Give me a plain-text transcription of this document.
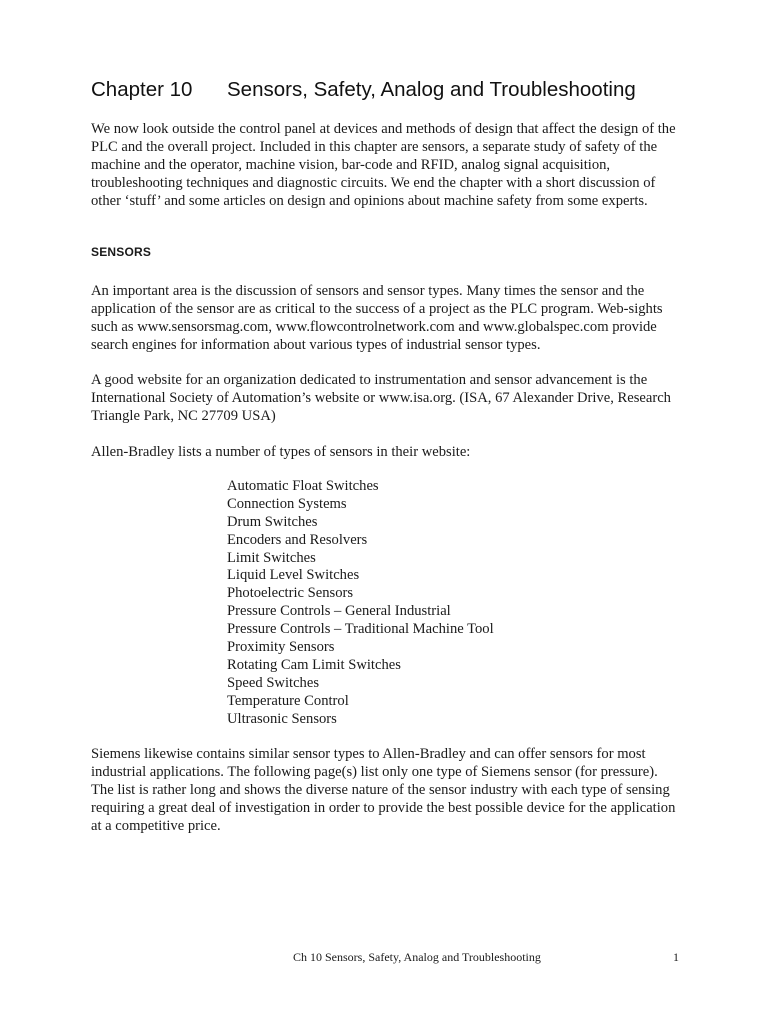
Chapter 10 Sensors, Safety, Analog and Troubleshooting

We now look outside the control panel at devices and methods of design that affect the design of the PLC and the overall project. Included in this chapter are sensors, a separate study of safety of the machine and the operator, machine vision, bar-code and RFID, analog signal acquisition, troubleshooting techniques and diagnostic circuits. We end the chapter with a short discussion of other ‘stuff’ and some articles on design and opinions about machine safety from some experts.

SENSORS

An important area is the discussion of sensors and sensor types. Many times the sensor and the application of the sensor are as critical to the success of a project as the PLC program. Web-sights such as www.sensorsmag.com, www.flowcontrolnetwork.com and www.globalspec.com provide search engines for information about various types of industrial sensor types.

A good website for an organization dedicated to instrumentation and sensor advancement is the International Society of Automation’s website or www.isa.org. (ISA, 67 Alexander Drive, Research Triangle Park, NC 27709 USA)

Allen-Bradley lists a number of types of sensors in their website:

Automatic Float Switches
Connection Systems
Drum Switches
Encoders and Resolvers
Limit Switches
Liquid Level Switches
Photoelectric Sensors
Pressure Controls – General Industrial
Pressure Controls – Traditional Machine Tool
Proximity Sensors
Rotating Cam Limit Switches
Speed Switches
Temperature Control
Ultrasonic Sensors

Siemens likewise contains similar sensor types to Allen-Bradley and can offer sensors for most industrial applications. The following page(s) list only one type of Siemens sensor (for pressure). The list is rather long and shows the diverse nature of the sensor industry with each type of sensing requiring a great deal of investigation in order to provide the best possible device for the application at a competitive price.

Ch 10 Sensors, Safety, Analog and Troubleshooting	1
